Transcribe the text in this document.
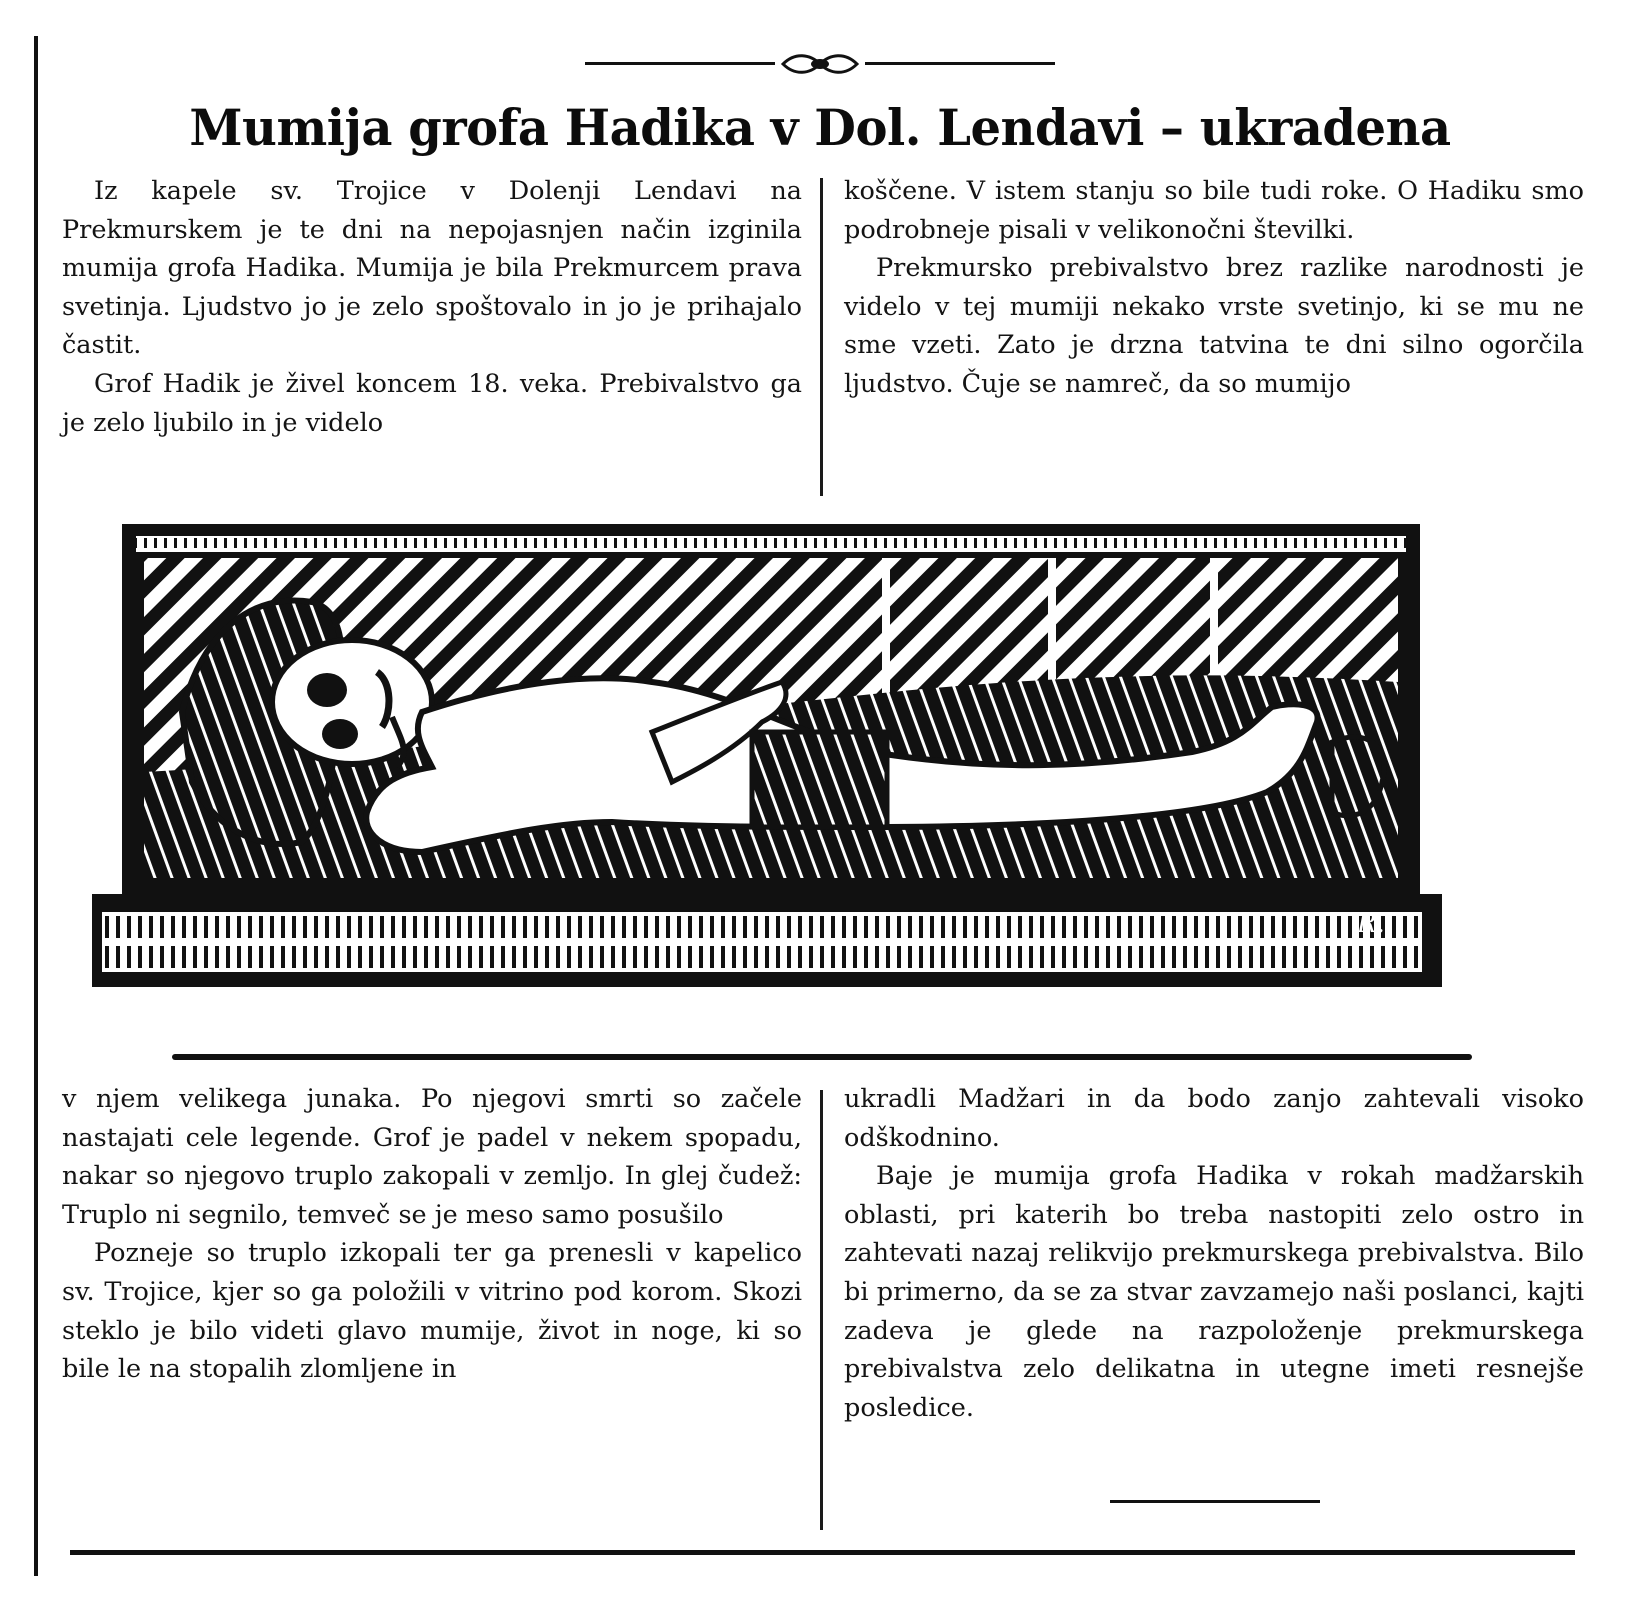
Mumija grofa Hadika v Dol. Lendavi – ukradena

Iz kapele sv. Trojice v Dolenji Lendavi na Prekmurskem je te dni na nepojasnjen način izginila mumija grofa Hadika. Mumija je bila Prekmurcem prava svetinja. Ljudstvo jo je zelo spoštovalo in jo je prihajalo častit.

Grof Hadik je živel koncem 18. veka. Prebivalstvo ga je zelo ljubilo in je videlo

koščene. V istem stanju so bile tudi roke. O Hadiku smo podrobneje pisali v velikonočni številki.

Prekmursko prebivalstvo brez razlike narodnosti je videlo v tej mumiji nekako vrste svetinjo, ki se mu ne sme vzeti. Zato je drzna tatvina te dni silno ogorčila ljudstvo. Čuje se namreč, da so mumijo

R.

v njem velikega junaka. Po njegovi smrti so začele nastajati cele legende. Grof je padel v nekem spopadu, nakar so njegovo truplo zakopali v zemljo. In glej čudež: Truplo ni segnilo, temveč se je meso samo posušilo

Pozneje so truplo izkopali ter ga prenesli v kapelico sv. Trojice, kjer so ga položili v vitrino pod korom. Skozi steklo je bilo videti glavo mumije, život in noge, ki so bile le na stopalih zlomljene in

ukradli Madžari in da bodo zanjo zahtevali visoko odškodnino.

Baje je mumija grofa Hadika v rokah madžarskih oblasti, pri katerih bo treba nastopiti zelo ostro in zahtevati nazaj relikvijo prekmurskega prebivalstva. Bilo bi primerno, da se za stvar zavzamejo naši poslanci, kajti zadeva je glede na razpoloženje prekmurskega prebivalstva zelo delikatna in utegne imeti resnejše posledice.
